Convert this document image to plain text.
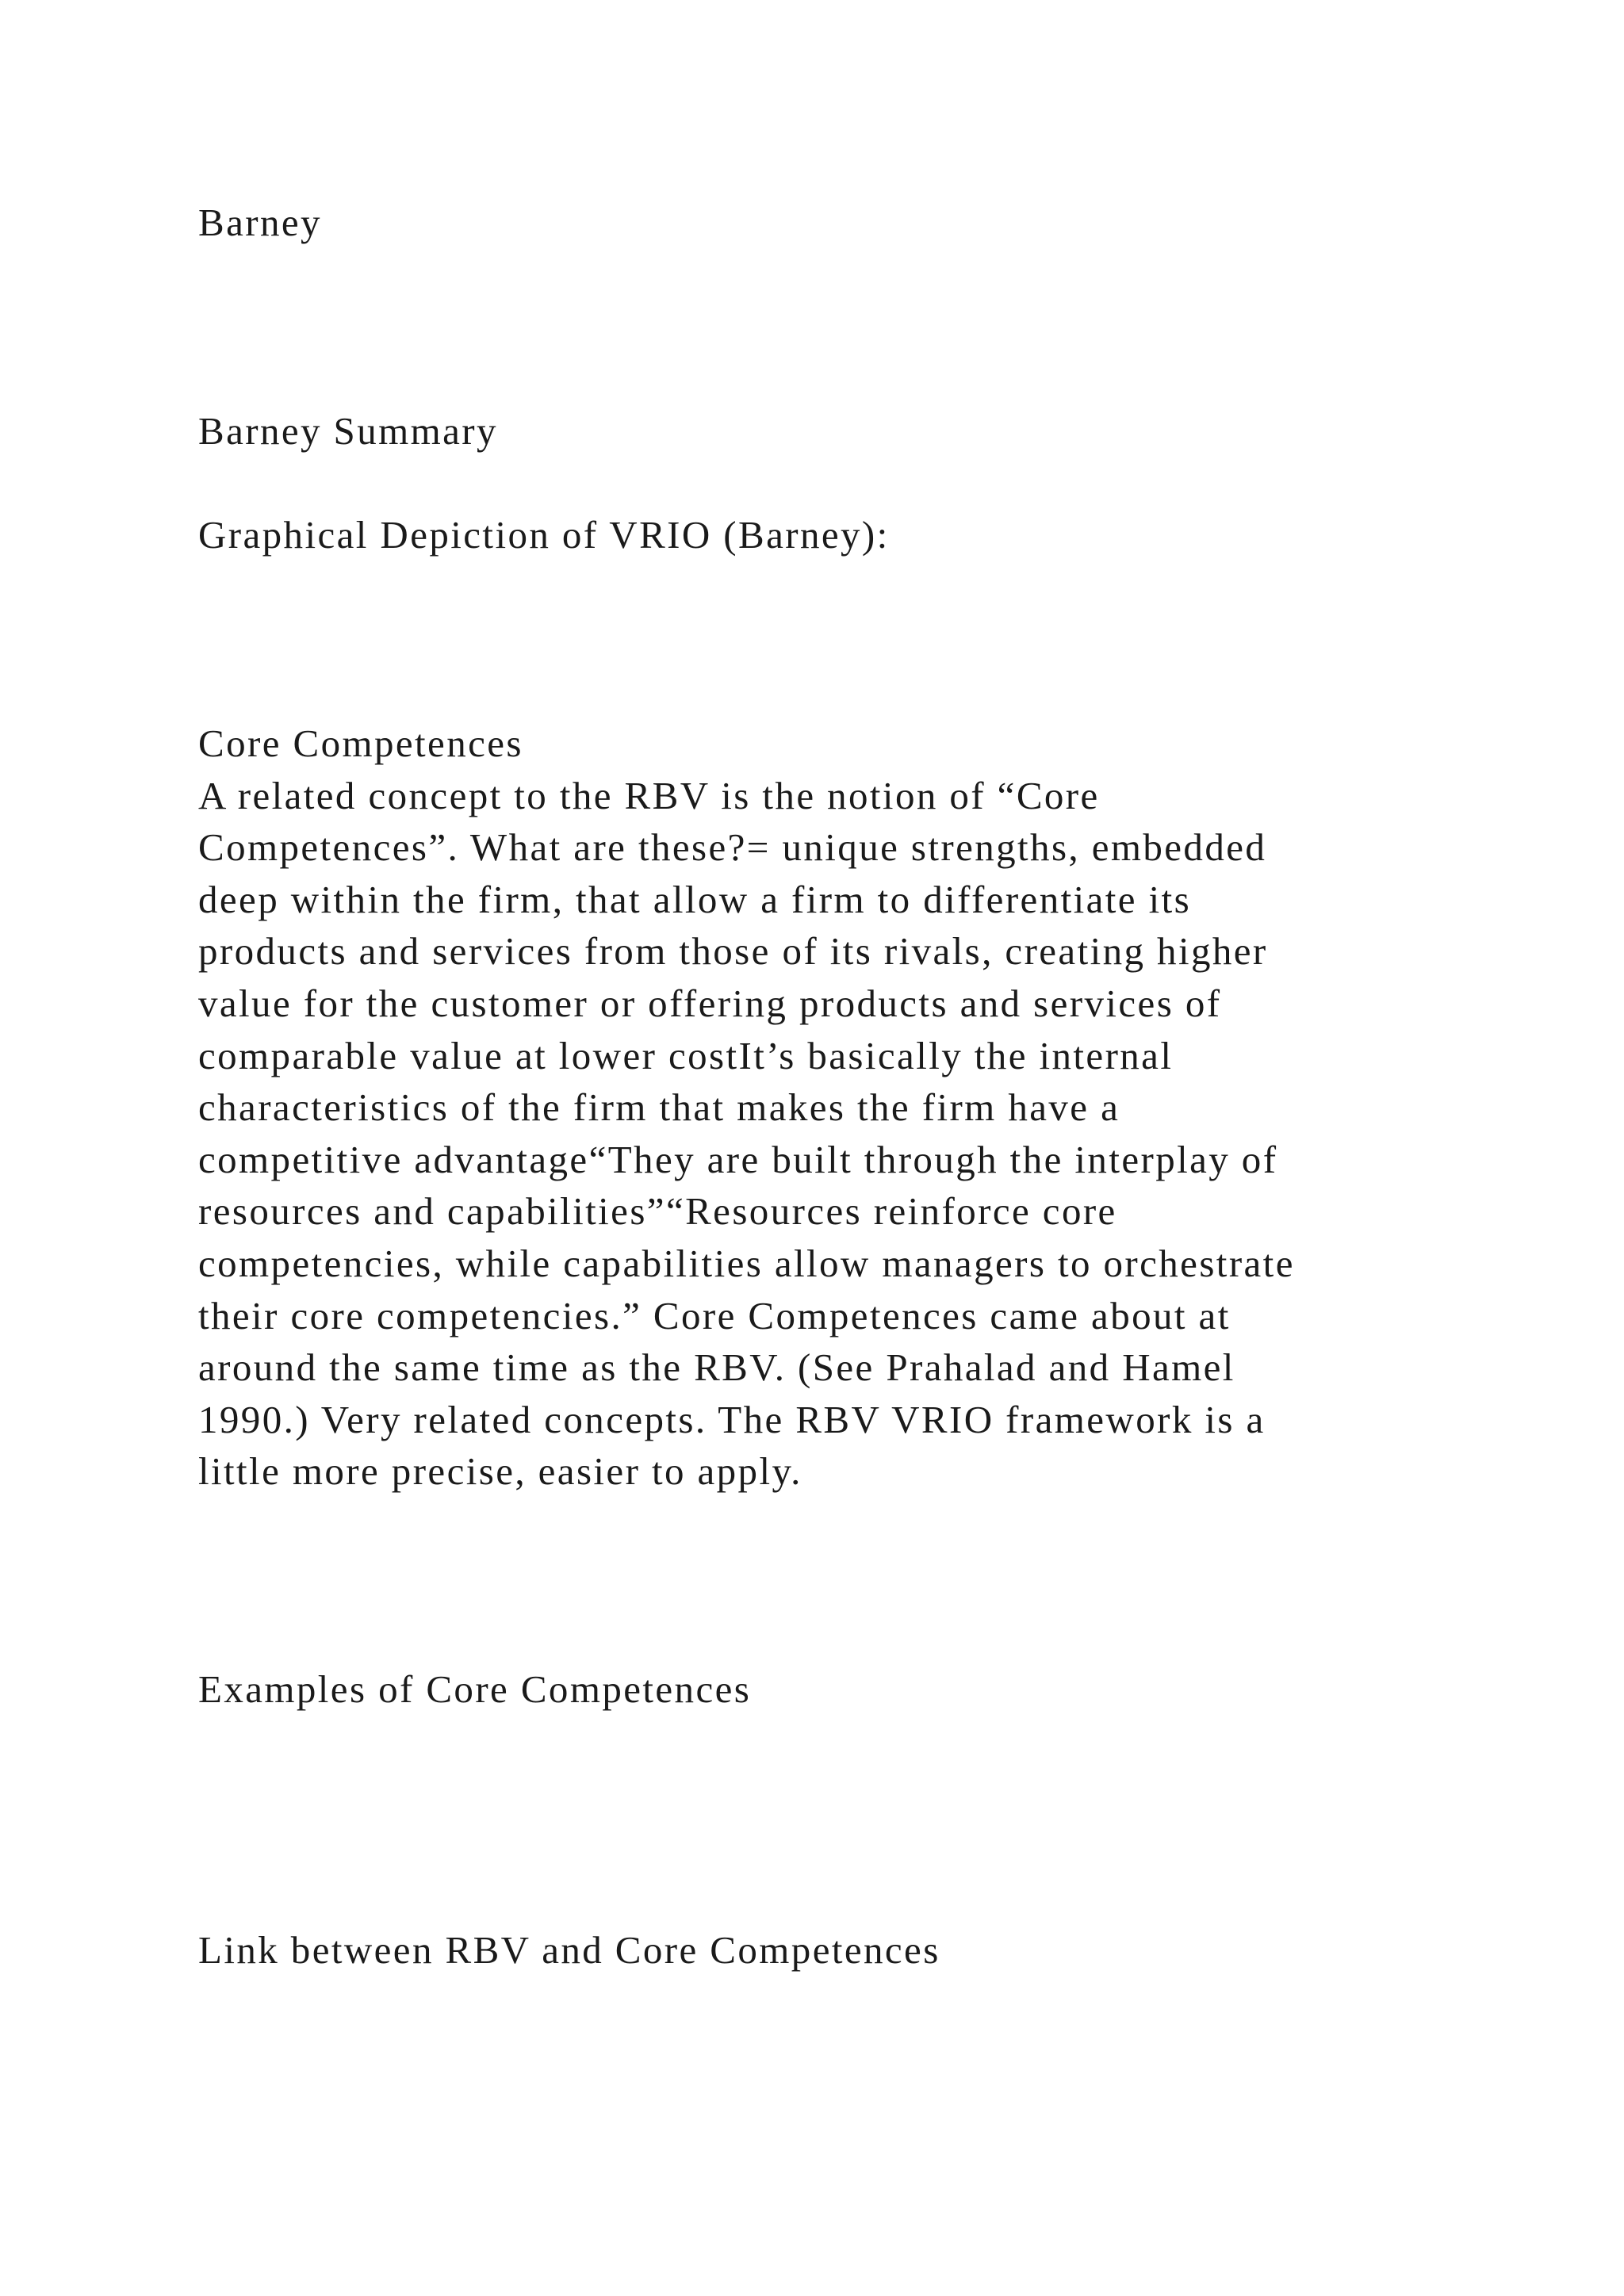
Barney
Barney Summary
Graphical Depiction of VRIO (Barney):
Core Competences
A related concept to the RBV is the notion of “Core
Competences”. What are these?= unique strengths, embedded
deep within the firm, that allow a firm to differentiate its
products and services from those of its rivals, creating higher
value for the customer or offering products and services of
comparable value at lower costIt’s basically the internal
characteristics of the firm that makes the firm have a
competitive advantage“They are built through the interplay of
resources and capabilities”“Resources reinforce core
competencies, while capabilities allow managers to orchestrate
their core competencies.” Core Competences came about at
around the same time as the RBV. (See Prahalad and Hamel
1990.) Very related concepts. The RBV VRIO framework is a
little more precise, easier to apply.
Examples of Core Competences
Link between RBV and Core Competences
